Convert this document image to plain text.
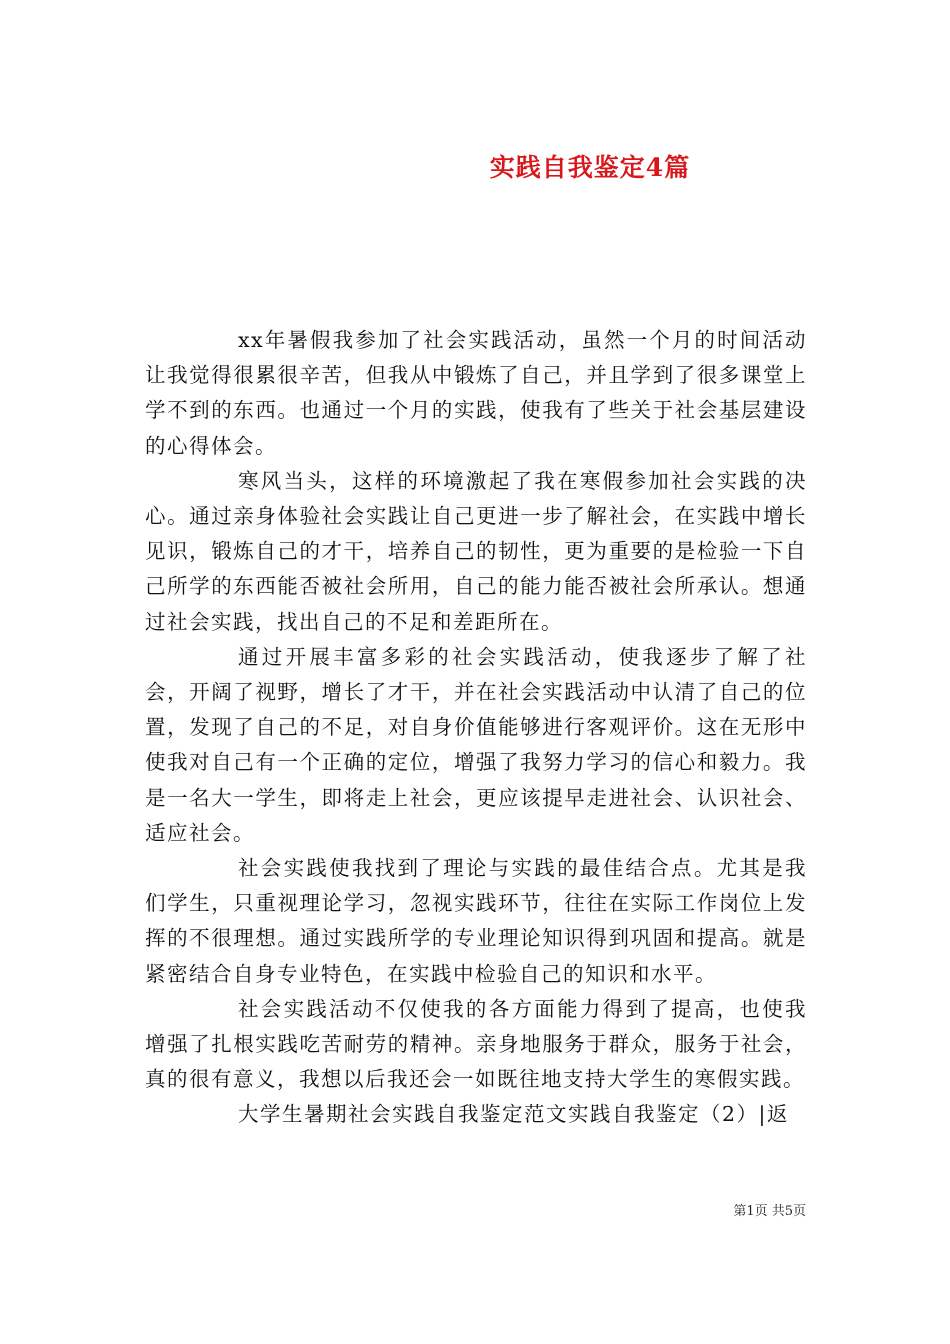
实践自我鉴定4篇

xx年暑假我参加了社会实践活动，虽然一个月的时间活动让我觉得很累很辛苦，但我从中锻炼了自己，并且学到了很多课堂上学不到的东西。也通过一个月的实践，使我有了些关于社会基层建设的心得体会。

寒风当头，这样的环境激起了我在寒假参加社会实践的决心。通过亲身体验社会实践让自己更进一步了解社会，在实践中增长见识，锻炼自己的才干，培养自己的韧性，更为重要的是检验一下自己所学的东西能否被社会所用，自己的能力能否被社会所承认。想通过社会实践，找出自己的不足和差距所在。

通过开展丰富多彩的社会实践活动，使我逐步了解了社会，开阔了视野，增长了才干，并在社会实践活动中认清了自己的位置，发现了自己的不足，对自身价值能够进行客观评价。这在无形中使我对自己有一个正确的定位，增强了我努力学习的信心和毅力。我是一名大一学生，即将走上社会，更应该提早走进社会、认识社会、适应社会。

社会实践使我找到了理论与实践的最佳结合点。尤其是我们学生，只重视理论学习，忽视实践环节，往往在实际工作岗位上发挥的不很理想。通过实践所学的专业理论知识得到巩固和提高。就是紧密结合自身专业特色，在实践中检验自己的知识和水平。

社会实践活动不仅使我的各方面能力得到了提高，也使我增强了扎根实践吃苦耐劳的精神。亲身地服务于群众，服务于社会，真的很有意义，我想以后我还会一如既往地支持大学生的寒假实践。

大学生暑期社会实践自我鉴定范文实践自我鉴定（2）|返

第1页 共5页
